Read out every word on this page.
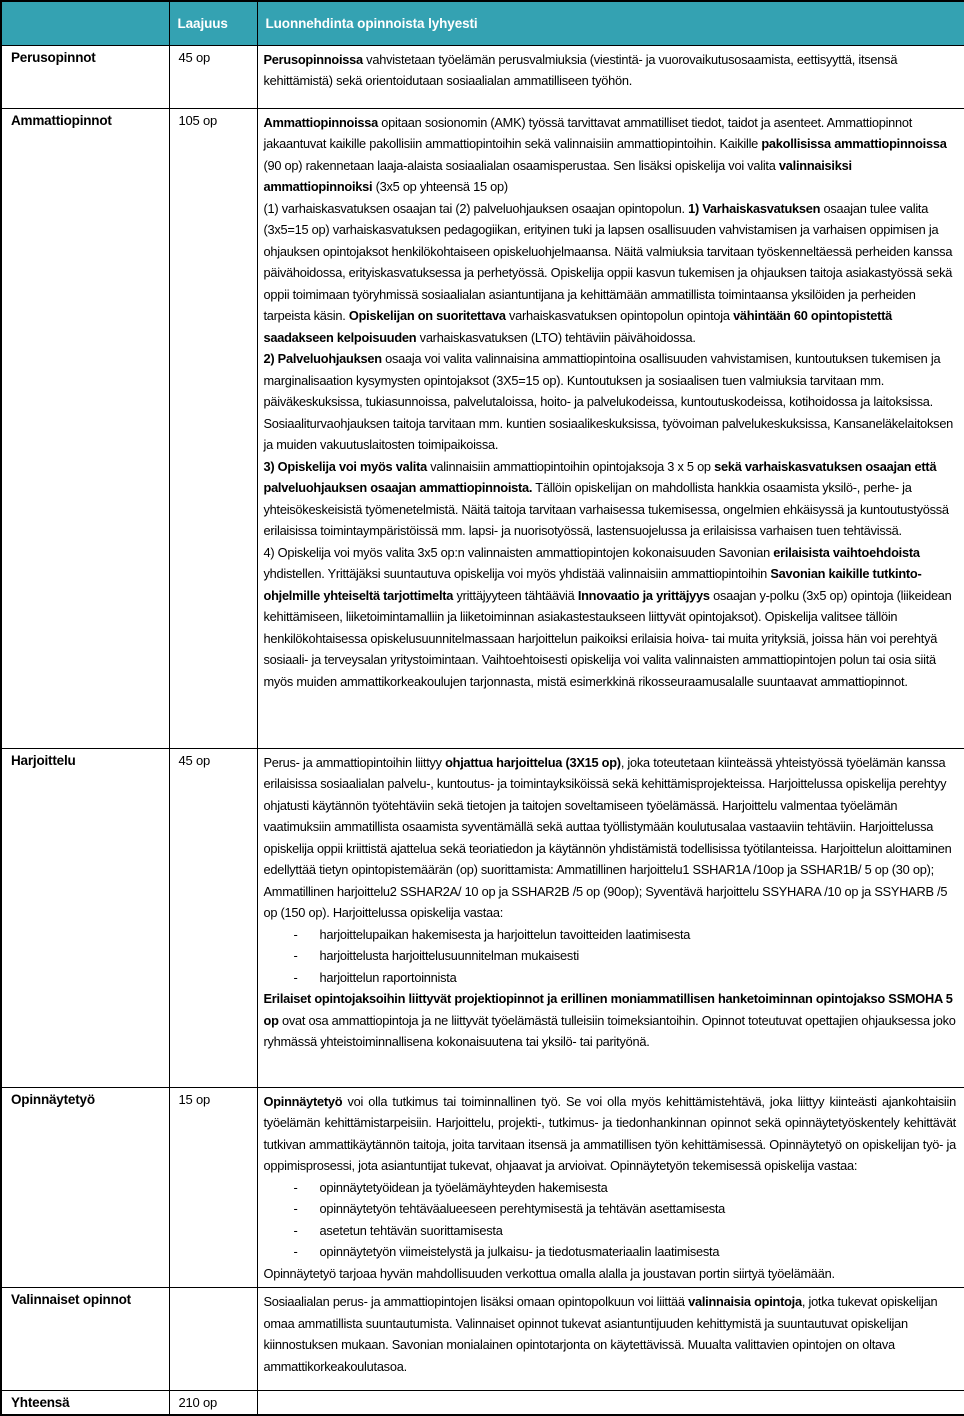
	Laajuus	Luonnehdinta opinnoista lyhyesti
Perusopinnot	45 op	Perusopinnoissa vahvistetaan työelämän perusvalmiuksia (viestintä- ja vuorovaikutusosaamista, eettisyyttä, itsensä kehittämistä) sekä orientoidutaan sosiaalialan ammatilliseen työhön.

Ammattiopinnot	105 op	Ammattiopinnoissa opitaan sosionomin (AMK) työssä tarvittavat ammatilliset tiedot, taidot ja asenteet. Ammattiopinnot jakaantuvat kaikille pakollisiin ammattiopintoihin sekä valinnaisiin ammattiopintoihin. Kaikille pakollisissa ammattiopinnoissa (90 op) rakennetaan laaja-alaista sosiaalialan osaamisperustaa. Sen lisäksi opiskelija voi valita valinnaisiksi ammattiopinnoiksi (3x5 op yhteensä 15 op)
(1) varhaiskasvatuksen osaajan tai (2) palveluohjauksen osaajan opintopolun. 1) Varhaiskasvatuksen osaajan tulee valita (3x5=15 op) varhaiskasvatuksen pedagogiikan, erityinen tuki ja lapsen osallisuuden vahvistamisen ja varhaisen oppimisen ja ohjauksen opintojaksot henkilökohtaiseen opiskeluohjelmaansa. Näitä valmiuksia tarvitaan työskenneltäessä perheiden kanssa päivähoidossa, erityiskasvatuksessa ja perhetyössä. Opiskelija oppii kasvun tukemisen ja ohjauksen taitoja asiakastyössä sekä oppii toimimaan työryhmissä sosiaalialan asiantuntijana ja kehittämään ammatillista toimintaansa yksilöiden ja perheiden tarpeista käsin. Opiskelijan on suoritettava varhaiskasvatuksen opintopolun opintoja vähintään 60 opintopistettä saadakseen kelpoisuuden varhaiskasvatuksen (LTO) tehtäviin päivähoidossa.
2) Palveluohjauksen osaaja voi valita valinnaisina ammattiopintoina osallisuuden vahvistamisen, kuntoutuksen tukemisen ja marginalisaation kysymysten opintojaksot (3X5=15 op). Kuntoutuksen ja sosiaalisen tuen valmiuksia tarvitaan mm. päiväkeskuksissa, tukiasunnoissa, palvelutaloissa, hoito- ja palvelukodeissa, kuntoutuskodeissa, kotihoidossa ja laitoksissa. Sosiaaliturvaohjauksen taitoja tarvitaan mm. kuntien sosiaalikeskuksissa, työvoiman palvelukeskuksissa, Kansaneläkelaitoksen ja muiden vakuutuslaitosten toimipaikoissa.
3) Opiskelija voi myös valita valinnaisiin ammattiopintoihin opintojaksoja 3 x 5 op sekä varhaiskasvatuksen osaajan että palveluohjauksen osaajan ammattiopinnoista. Tällöin opiskelijan on mahdollista hankkia osaamista yksilö-, perhe- ja yhteisökeskeisistä työmenetelmistä. Näitä taitoja tarvitaan varhaisessa tukemisessa, ongelmien ehkäisyssä ja kuntoutustyössä erilaisissa toimintaympäristöissä mm. lapsi- ja nuorisotyössä, lastensuojelussa ja erilaisissa varhaisen tuen tehtävissä.
4) Opiskelija voi myös valita 3x5 op:n valinnaisten ammattiopintojen kokonaisuuden Savonian erilaisista vaihtoehdoista yhdistellen. Yrittäjäksi suuntautuva opiskelija voi myös yhdistää valinnaisiin ammattiopintoihin Savonian kaikille tutkinto-ohjelmille yhteiseltä tarjottimelta yrittäjyyteen tähtääviä Innovaatio ja yrittäjyys osaajan y-polku (3x5 op) opintoja (liikeidean kehittämiseen, liiketoimintamalliin ja liiketoiminnan asiakastestaukseen liittyvät opintojaksot). Opiskelija valitsee tällöin henkilökohtaisessa opiskelusuunnitelmassaan harjoittelun paikoiksi erilaisia hoiva- tai muita yrityksiä, joissa hän voi perehtyä sosiaali- ja terveysalan yritystoimintaan. Vaihtoehtoisesti opiskelija voi valita valinnaisten ammattiopintojen polun tai osia siitä myös muiden ammattikorkeakoulujen tarjonnasta, mistä esimerkkinä rikosseuraamusalalle suuntaavat ammattiopinnot.

Harjoittelu	45 op	Perus- ja ammattiopintoihin liittyy ohjattua harjoittelua (3X15 op), joka toteutetaan kiinteässä yhteistyössä työelämän kanssa erilaisissa sosiaalialan palvelu-, kuntoutus- ja toimintayksiköissä sekä kehittämisprojekteissa. Harjoittelussa opiskelija perehtyy ohjatusti käytännön työtehtäviin sekä tietojen ja taitojen soveltamiseen työelämässä. Harjoittelu valmentaa työelämän vaatimuksiin ammatillista osaamista syventämällä sekä auttaa työllistymään koulutusalaa vastaaviin tehtäviin. Harjoittelussa opiskelija oppii kriittistä ajattelua sekä teoriatiedon ja käytännön yhdistämistä todellisissa työtilanteissa. Harjoittelun aloittaminen edellyttää tietyn opintopistemäärän (op) suorittamista: Ammatillinen harjoittelu1 SSHAR1A /10op ja SSHAR1B/ 5 op (30 op);
Ammatillinen harjoittelu2 SSHAR2A/ 10 op ja SSHAR2B /5 op (90op); Syventävä harjoittelu SSYHARA /10 op ja SSYHARB /5 op (150 op). Harjoittelussa opiskelija vastaa:
- harjoittelupaikan hakemisesta ja harjoittelun tavoitteiden laatimisesta
- harjoittelusta harjoittelusuunnitelman mukaisesti
- harjoittelun raportoinnista
Erilaiset opintojaksoihin liittyvät projektiopinnot ja erillinen moniammatillisen hanketoiminnan opintojakso SSMOHA 5 op ovat osa ammattiopintoja ja ne liittyvät työelämästä tulleisiin toimeksiantoihin. Opinnot toteutuvat opettajien ohjauksessa joko ryhmässä yhteistoiminnallisena kokonaisuutena tai yksilö- tai parityönä.

Opinnäytetyö	15 op	Opinnäytetyö voi olla tutkimus tai toiminnallinen työ. Se voi olla myös kehittämistehtävä, joka liittyy kiinteästi ajankohtaisiin työelämän kehittämistarpeisiin. Harjoittelu, projekti-, tutkimus- ja tiedonhankinnan opinnot sekä opinnäytetyöskentely kehittävät tutkivan ammattikäytännön taitoja, joita tarvitaan itsensä ja ammatillisen työn kehittämisessä. Opinnäytetyö on opiskelijan työ- ja oppimisprosessi, jota asiantuntijat tukevat, ohjaavat ja arvioivat. Opinnäytetyön tekemisessä opiskelija vastaa:
- opinnäytetyöidean ja työelämäyhteyden hakemisesta
- opinnäytetyön tehtäväalueeseen perehtymisestä ja tehtävän asettamisesta
- asetetun tehtävän suorittamisesta
- opinnäytetyön viimeistelystä ja julkaisu- ja tiedotusmateriaalin laatimisesta
Opinnäytetyö tarjoaa hyvän mahdollisuuden verkottua omalla alalla ja joustavan portin siirtyä työelämään.

Valinnaiset opinnot		Sosiaalialan perus- ja ammattiopintojen lisäksi omaan opintopolkuun voi liittää valinnaisia opintoja, jotka tukevat opiskelijan omaa ammatillista suuntautumista. Valinnaiset opinnot tukevat asiantuntijuuden kehittymistä ja suuntautuvat opiskelijan kiinnostuksen mukaan. Savonian monialainen opintotarjonta on käytettävissä. Muualta valittavien opintojen on oltava ammattikorkeakoulutasoa.

Yhteensä	210 op	
